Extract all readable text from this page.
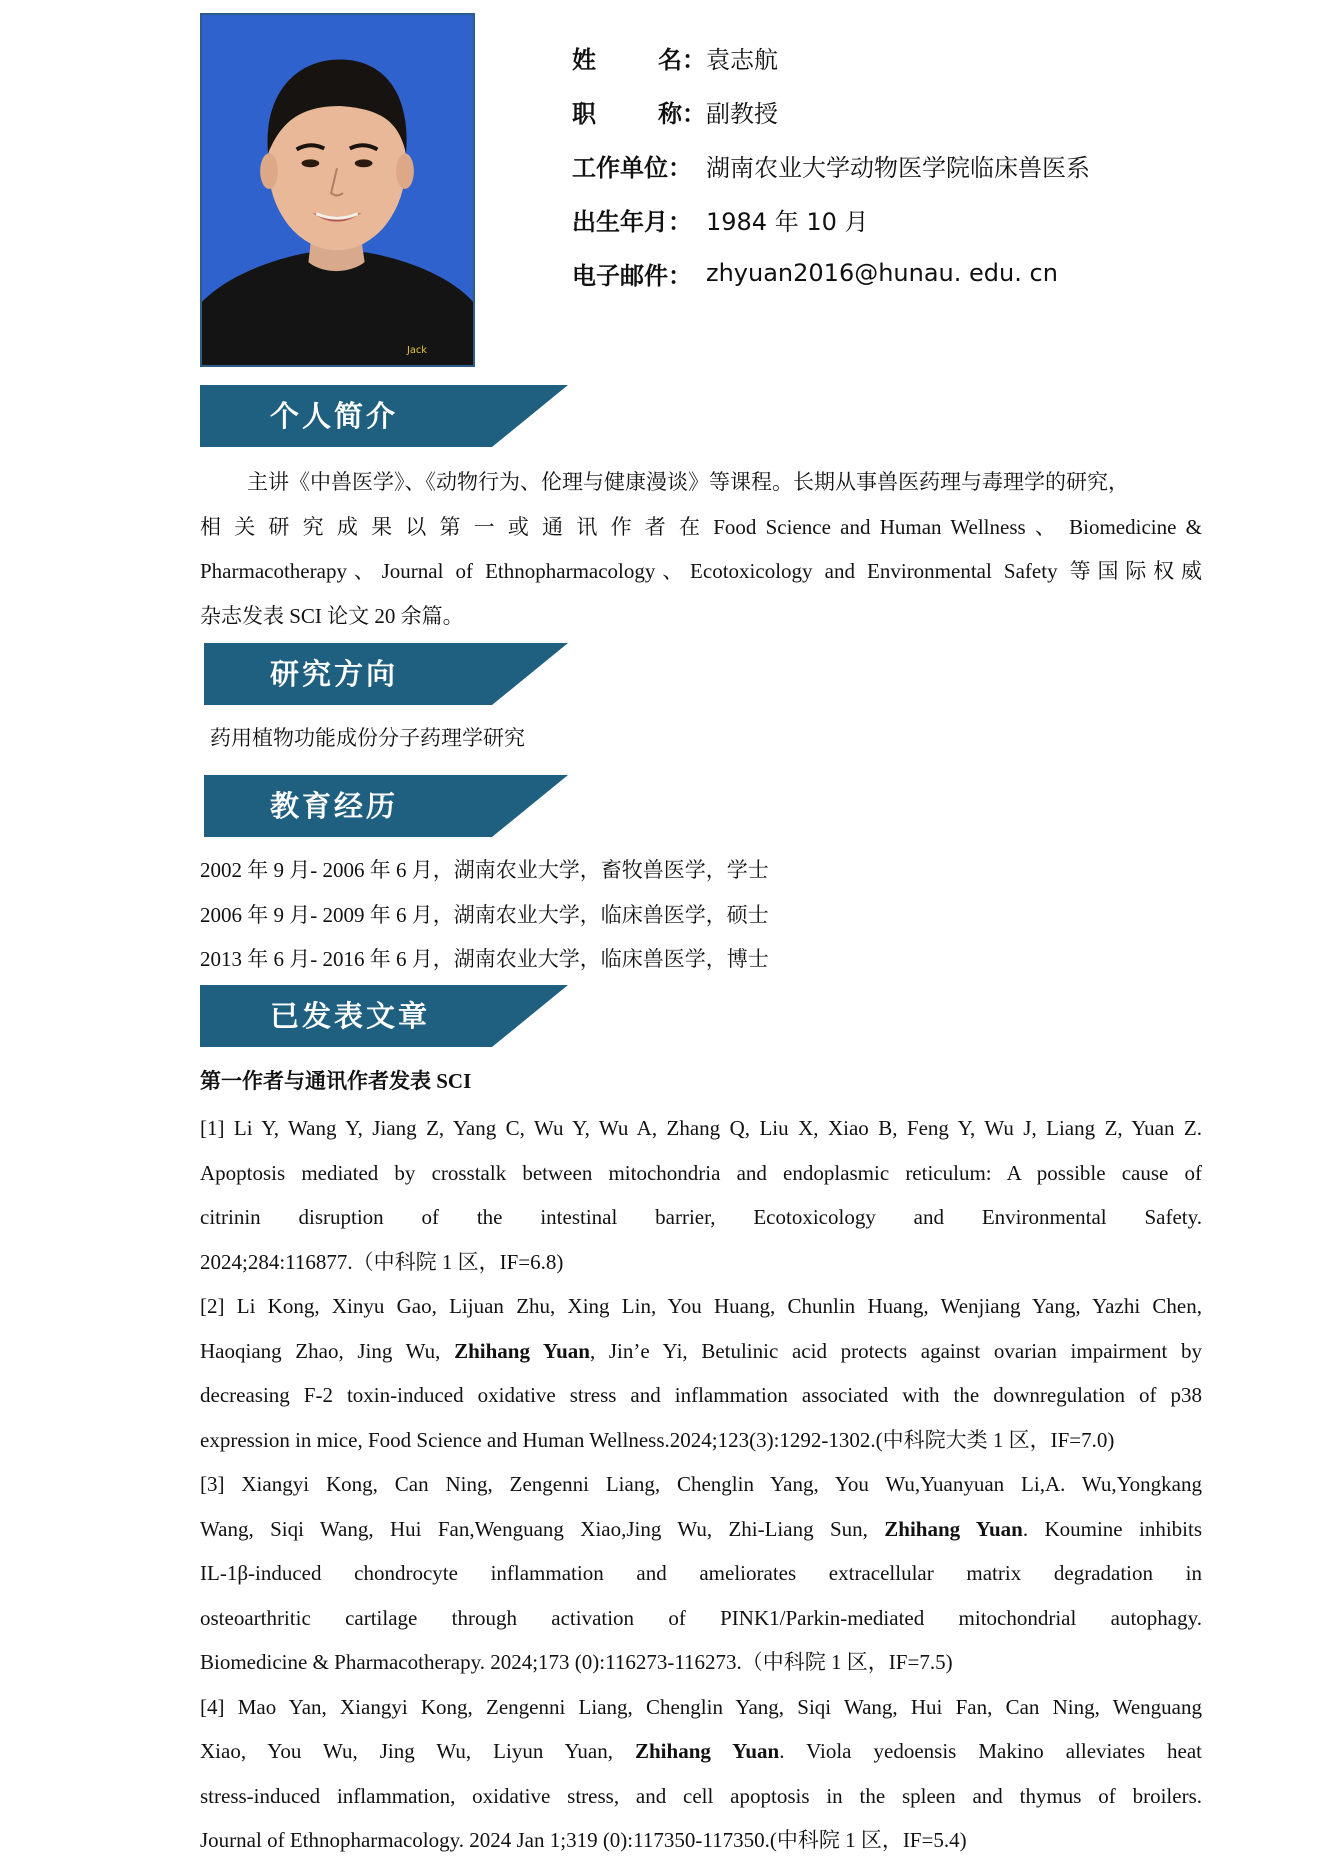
Jack
姓	名： 袁志航
职	称： 副教授
工作单位： 湖南农业大学动物医学院临床兽医系
出生年月： 1984 年 10 月
电子邮件： zhyuan2016@hunau. edu. cn
个人简介
主讲《中兽医学》、《动物行为、伦理与健康漫谈》等课程。长期从事兽医药理与毒理学的研究，
相 关 研 究 成 果 以 第 一 或 通 讯 作 者 在 Food Science and Human Wellness 、 Biomedicine &
Pharmacotherapy、Journal of Ethnopharmacology、Ecotoxicology and Environmental Safety 等国际权威
杂志发表 SCI 论文 20 余篇。
研究方向
药用植物功能成份分子药理学研究
教育经历
2002 年 9 月- 2006 年 6 月，湖南农业大学，畜牧兽医学，学士
2006 年 9 月- 2009 年 6 月，湖南农业大学，临床兽医学，硕士
2013 年 6 月- 2016 年 6 月，湖南农业大学，临床兽医学，博士
已发表文章
第一作者与通讯作者发表 SCI
[1] Li Y, Wang Y, Jiang Z, Yang C, Wu Y, Wu A, Zhang Q, Liu X, Xiao B, Feng Y, Wu J, Liang Z, Yuan Z.
Apoptosis mediated by crosstalk between mitochondria and endoplasmic reticulum: A possible cause of
citrinin disruption of the intestinal barrier, Ecotoxicology and Environmental Safety.
2024;284:116877.（中科院 1 区，IF=6.8)
[2] Li Kong, Xinyu Gao, Lijuan Zhu, Xing Lin, You Huang, Chunlin Huang, Wenjiang Yang, Yazhi Chen,
Haoqiang Zhao, Jing Wu, Zhihang Yuan, Jin’e Yi, Betulinic acid protects against ovarian impairment by
decreasing F-2 toxin-induced oxidative stress and inflammation associated with the downregulation of p38
expression in mice, Food Science and Human Wellness.2024;123(3):1292-1302.(中科院大类 1 区，IF=7.0)
[3] Xiangyi Kong, Can Ning, Zengenni Liang, Chenglin Yang, You Wu,Yuanyuan Li,A. Wu,Yongkang
Wang, Siqi Wang, Hui Fan,Wenguang Xiao,Jing Wu, Zhi-Liang Sun, Zhihang Yuan. Koumine inhibits
IL-1β-induced chondrocyte inflammation and ameliorates extracellular matrix degradation in
osteoarthritic cartilage through activation of PINK1/Parkin-mediated mitochondrial autophagy.
Biomedicine & Pharmacotherapy. 2024;173 (0):116273-116273.（中科院 1 区，IF=7.5)
[4] Mao Yan, Xiangyi Kong, Zengenni Liang, Chenglin Yang, Siqi Wang, Hui Fan, Can Ning, Wenguang
Xiao, You Wu, Jing Wu, Liyun Yuan, Zhihang Yuan. Viola yedoensis Makino alleviates heat
stress-induced inflammation, oxidative stress, and cell apoptosis in the spleen and thymus of broilers.
Journal of Ethnopharmacology. 2024 Jan 1;319 (0):117350-117350.(中科院 1 区，IF=5.4)
